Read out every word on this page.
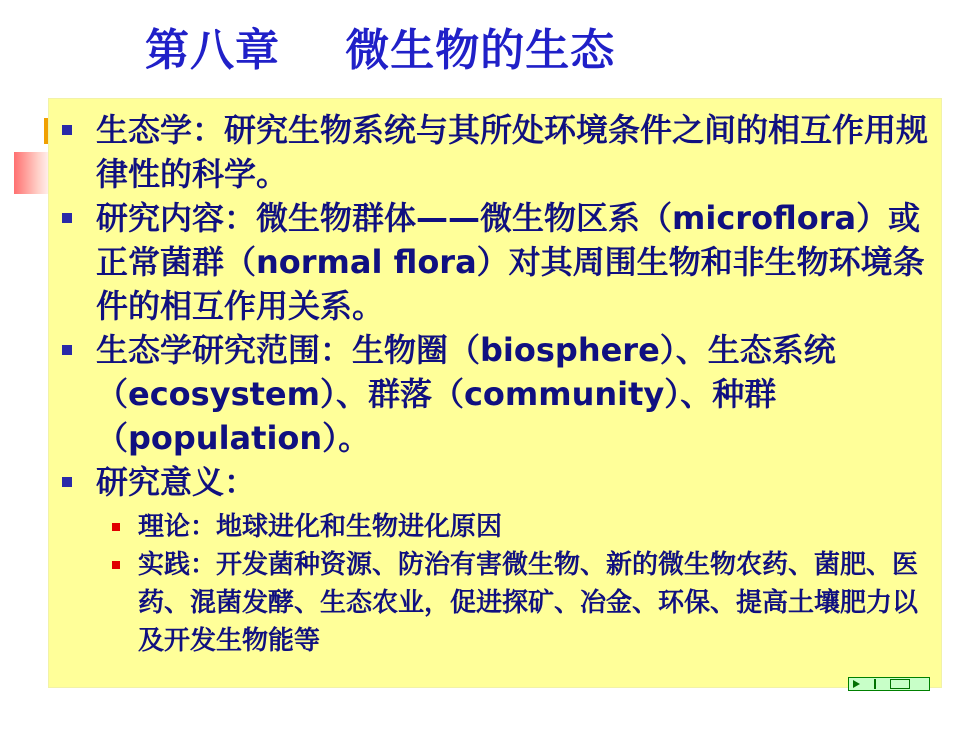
第八章    微生物的生态
生态学：研究生物系统与其所处环境条件之间的相互作用规律性的科学。
研究内容：微生物群体——微生物区系（microflora）或正常菌群（normal flora）对其周围生物和非生物环境条件的相互作用关系。
生态学研究范围：生物圈（biosphere）、生态系统（ecosystem）、群落（community）、种群（population）。
研究意义：
理论：地球进化和生物进化原因
实践：开发菌种资源、防治有害微生物、新的微生物农药、菌肥、医药、混菌发酵、生态农业，促进探矿、冶金、环保、提高土壤肥力以及开发生物能等
